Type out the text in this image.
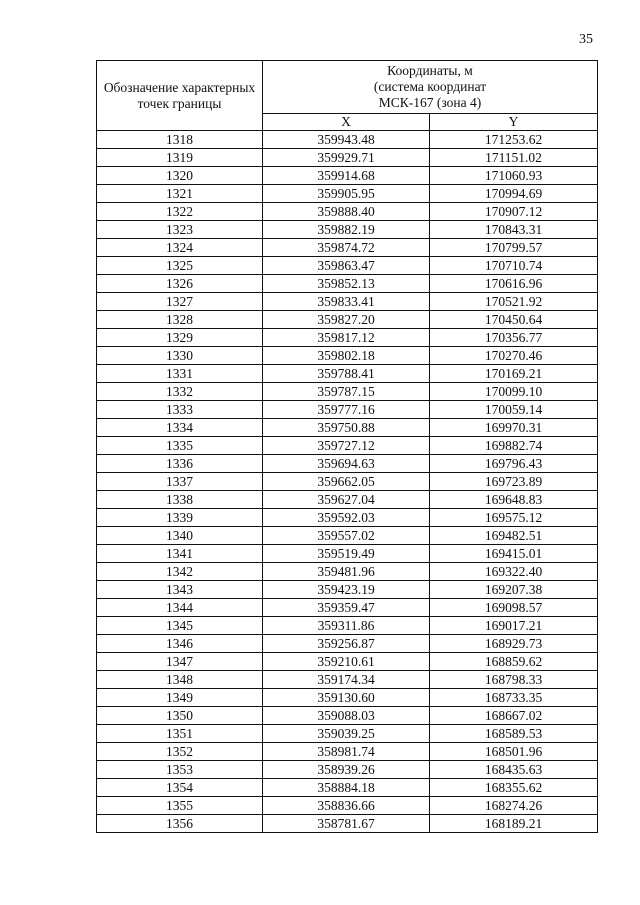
35
Обозначение характерных точек границы	Координаты, м
(система координат
МСК-167 (зона 4)	

	X	Y
1318	359943.48	171253.62
1319	359929.71	171151.02
1320	359914.68	171060.93
1321	359905.95	170994.69
1322	359888.40	170907.12
1323	359882.19	170843.31
1324	359874.72	170799.57
1325	359863.47	170710.74
1326	359852.13	170616.96
1327	359833.41	170521.92
1328	359827.20	170450.64
1329	359817.12	170356.77
1330	359802.18	170270.46
1331	359788.41	170169.21
1332	359787.15	170099.10
1333	359777.16	170059.14
1334	359750.88	169970.31
1335	359727.12	169882.74
1336	359694.63	169796.43
1337	359662.05	169723.89
1338	359627.04	169648.83
1339	359592.03	169575.12
1340	359557.02	169482.51
1341	359519.49	169415.01
1342	359481.96	169322.40
1343	359423.19	169207.38
1344	359359.47	169098.57
1345	359311.86	169017.21
1346	359256.87	168929.73
1347	359210.61	168859.62
1348	359174.34	168798.33
1349	359130.60	168733.35
1350	359088.03	168667.02
1351	359039.25	168589.53
1352	358981.74	168501.96
1353	358939.26	168435.63
1354	358884.18	168355.62
1355	358836.66	168274.26
1356	358781.67	168189.21
